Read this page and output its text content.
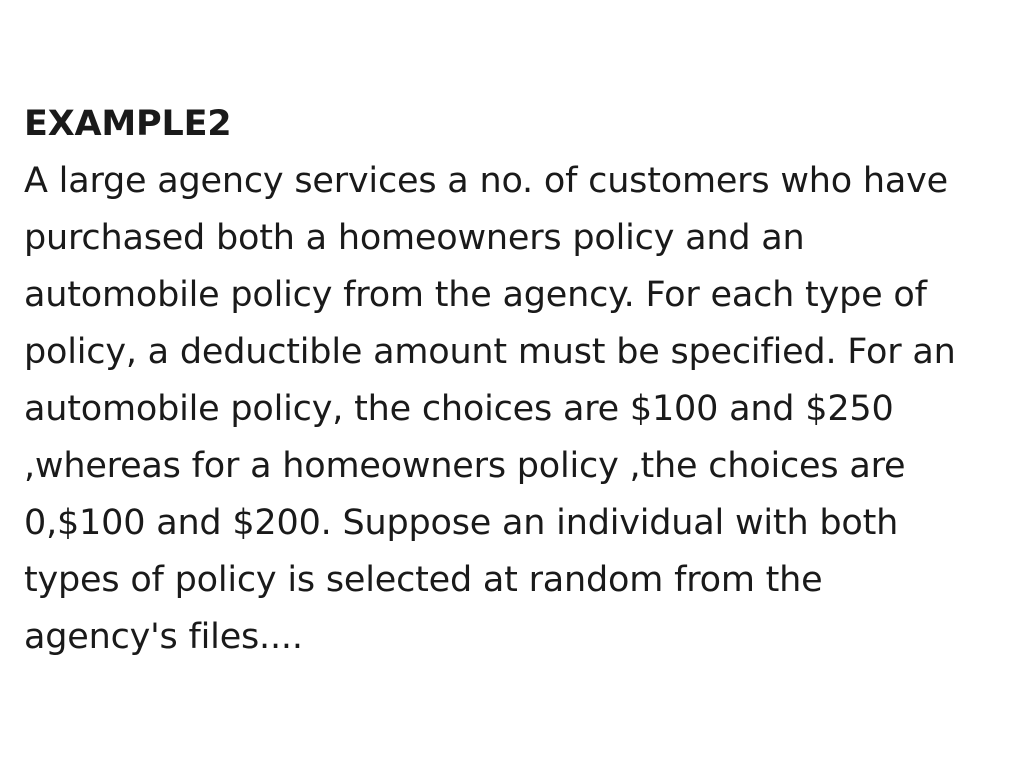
EXAMPLE2
A large agency services a no. of customers who have purchased both a homeowners policy and an automobile policy from the agency. For each type of policy, a deductible amount must be specified. For an automobile policy, the choices are $100 and $250 ,whereas for a homeowners policy ,the choices are 0,$100 and $200. Suppose an individual with both types of policy is selected at random from the agency's files....
